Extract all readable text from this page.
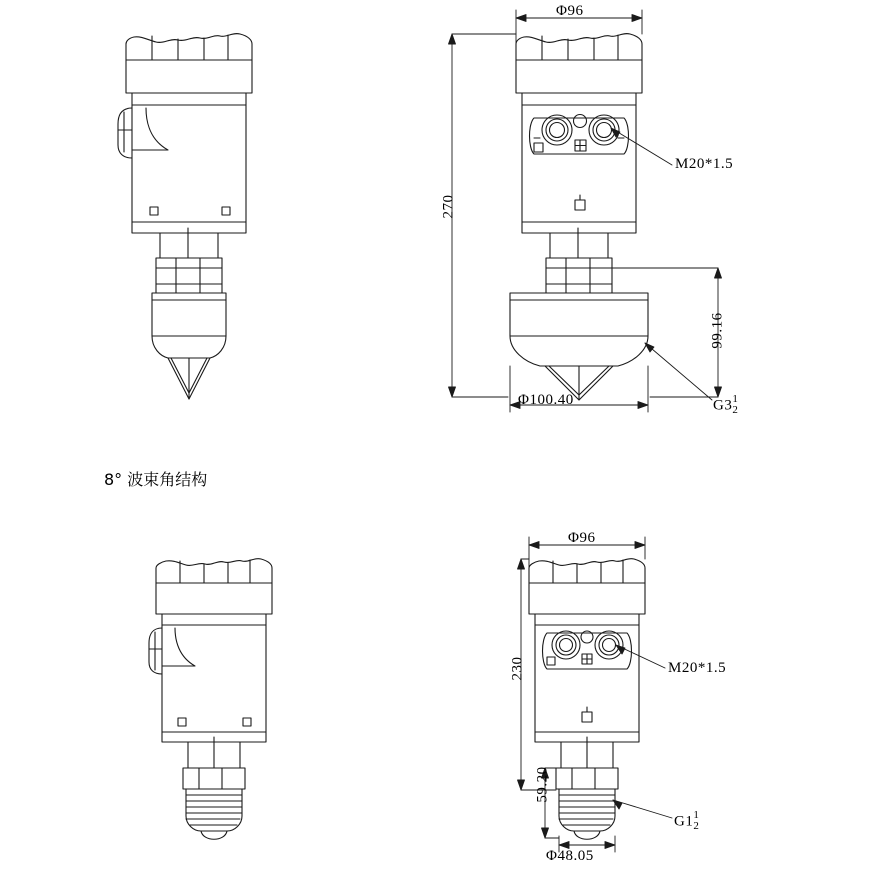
Φ96
270
99.16
Φ100.40
M20*1.5
G3 1
2
8° 波束角结构
Φ96
230
59.20
Φ48.05
M20*1.5
G1 1
2
